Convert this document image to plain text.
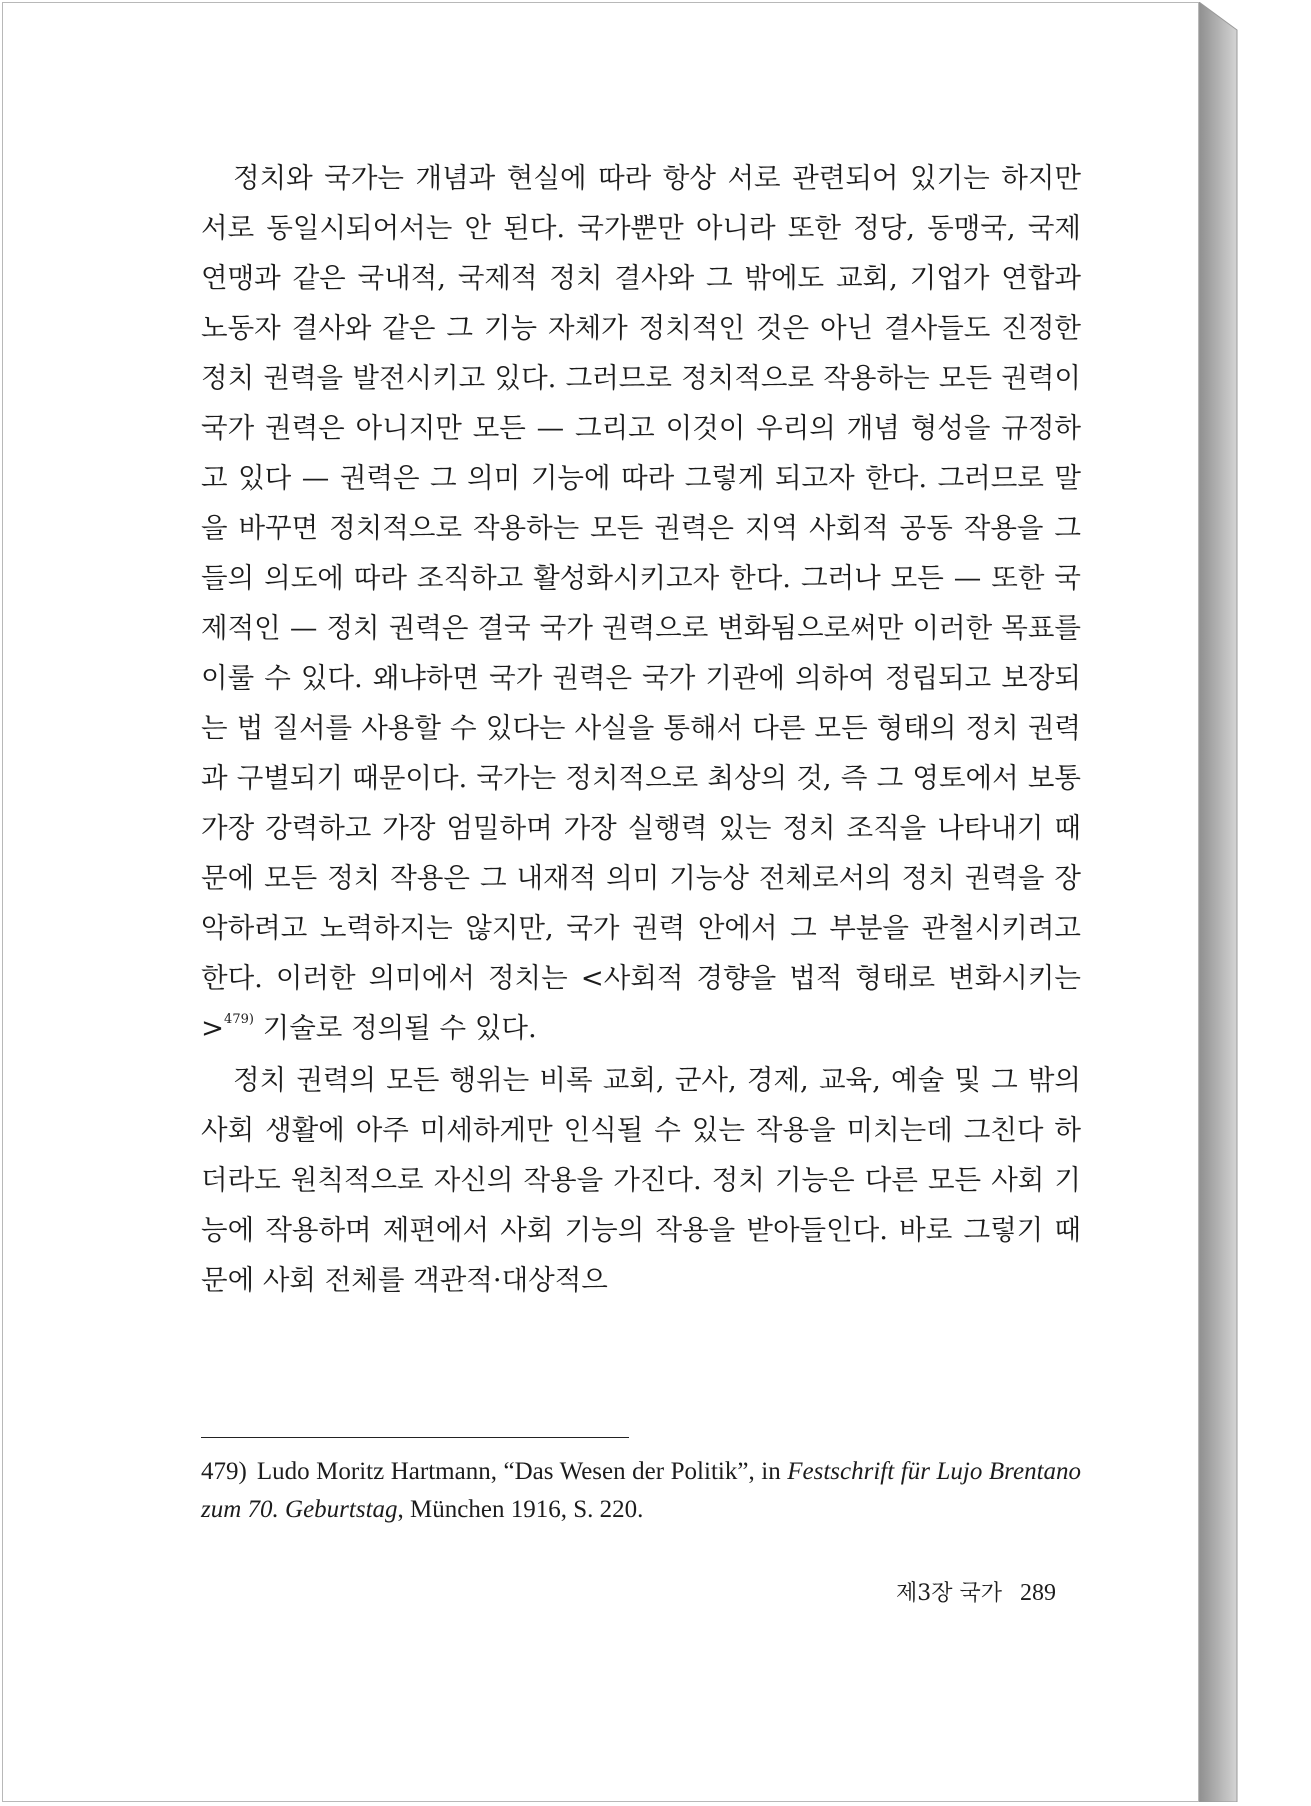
정치와 국가는 개념과 현실에 따라 항상 서로 관련되어 있기는 하지만 서로 동일시되어서는 안 된다. 국가뿐만 아니라 또한 정당, 동맹국, 국제 연맹과 같은 국내적, 국제적 정치 결사와 그 밖에도 교회, 기업가 연합과 노동자 결사와 같은 그 기능 자체가 정치적인 것은 아닌 결사들도 진정한 정치 권력을 발전시키고 있다. 그러므로 정치적으로 작용하는 모든 권력이 국가 권력은 아니지만 모든 — 그리고 이것이 우리의 개념 형성을 규정하고 있다 — 권력은 그 의미 기능에 따라 그렇게 되고자 한다. 그러므로 말을 바꾸면 정치적으로 작용하는 모든 권력은 지역 사회적 공동 작용을 그들의 의도에 따라 조직하고 활성화시키고자 한다. 그러나 모든 — 또한 국제적인 — 정치 권력은 결국 국가 권력으로 변화됨으로써만 이러한 목표를 이룰 수 있다. 왜냐하면 국가 권력은 국가 기관에 의하여 정립되고 보장되는 법 질서를 사용할 수 있다는 사실을 통해서 다른 모든 형태의 정치 권력과 구별되기 때문이다. 국가는 정치적으로 최상의 것, 즉 그 영토에서 보통 가장 강력하고 가장 엄밀하며 가장 실행력 있는 정치 조직을 나타내기 때문에 모든 정치 작용은 그 내재적 의미 기능상 전체로서의 정치 권력을 장악하려고 노력하지는 않지만, 국가 권력 안에서 그 부분을 관철시키려고 한다. 이러한 의미에서 정치는 <사회적 경향을 법적 형태로 변화시키는>$^{479)}$ 기술로 정의될 수 있다.

정치 권력의 모든 행위는 비록 교회, 군사, 경제, 교육, 예술 및 그 밖의 사회 생활에 아주 미세하게만 인식될 수 있는 작용을 미치는데 그친다 하더라도 원칙적으로 자신의 작용을 가진다. 정치 기능은 다른 모든 사회 기능에 작용하며 제편에서 사회 기능의 작용을 받아들인다. 바로 그렇기 때문에 사회 전체를 객관적·대상적으

479) Ludo Moritz Hartmann, “Das Wesen der Politik”, in Festschrift für Lujo Brentano zum 70. Geburtstag, München 1916, S. 220.
제3장 국가 289
